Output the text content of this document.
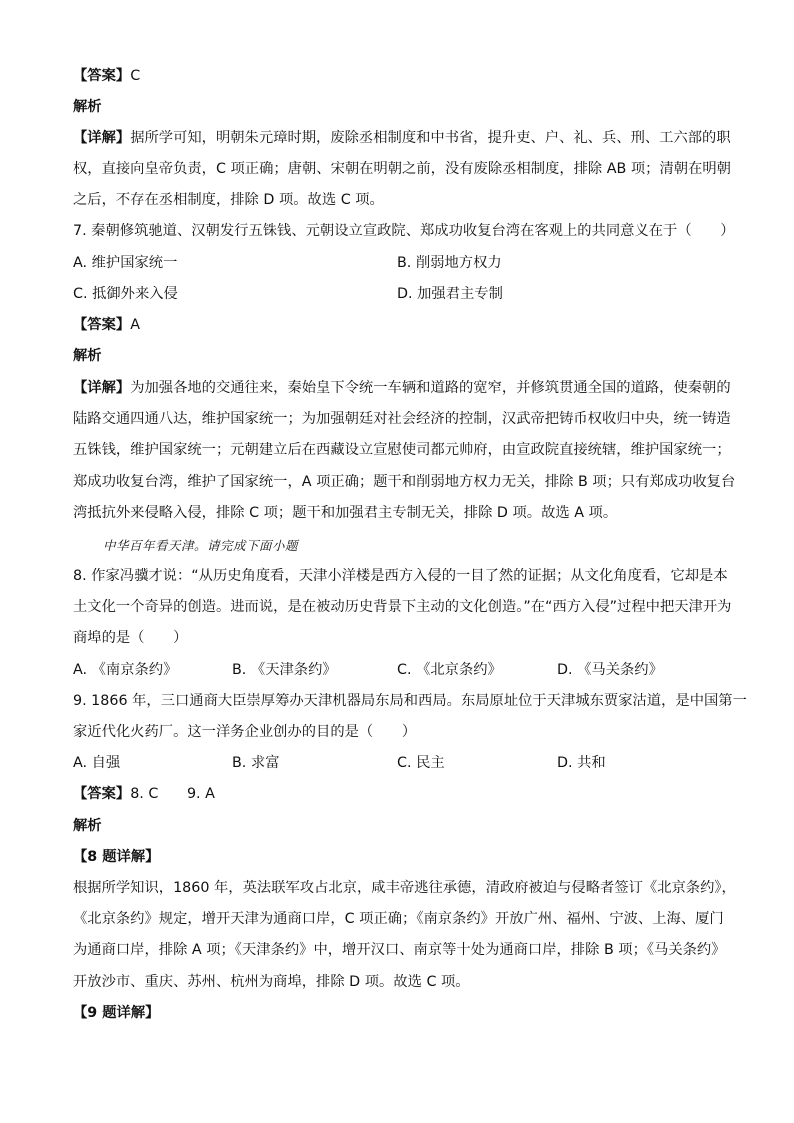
【答案】C
解析
【详解】据所学可知，明朝朱元璋时期，废除丞相制度和中书省，提升吏、户、礼、兵、刑、工六部的职
权，直接向皇帝负责，C 项正确；唐朝、宋朝在明朝之前，没有废除丞相制度，排除 AB 项；清朝在明朝
之后，不存在丞相制度，排除 D 项。故选 C 项。
7. 秦朝修筑驰道、汉朝发行五铢钱、元朝设立宣政院、郑成功收复台湾在客观上的共同意义在于（　　）
A. 维护国家统一	B. 削弱地方权力
C. 抵御外来入侵	D. 加强君主专制
【答案】A
解析
【详解】为加强各地的交通往来，秦始皇下令统一车辆和道路的宽窄，并修筑贯通全国的道路，使秦朝的
陆路交通四通八达，维护国家统一；为加强朝廷对社会经济的控制，汉武帝把铸币权收归中央，统一铸造
五铢钱，维护国家统一；元朝建立后在西藏设立宣慰使司都元帅府，由宣政院直接统辖，维护国家统一；
郑成功收复台湾，维护了国家统一，A 项正确；题干和削弱地方权力无关，排除 B 项；只有郑成功收复台
湾抵抗外来侵略入侵，排除 C 项；题干和加强君主专制无关，排除 D 项。故选 A 项。
中华百年看天津。请完成下面小题
8. 作家冯骥才说：“从历史角度看，天津小洋楼是西方入侵的一目了然的证据；从文化角度看，它却是本
土文化一个奇异的创造。进而说，是在被动历史背景下主动的文化创造。”在“西方入侵”过程中把天津开为
商埠的是（　　）
A. 《南京条约》	B. 《天津条约》	C. 《北京条约》	D. 《马关条约》
9. 1866 年，三口通商大臣崇厚筹办天津机器局东局和西局。东局原址位于天津城东贾家沽道，是中国第一
家近代化火药厂。这一洋务企业创办的目的是（　　）
A. 自强	B. 求富	C. 民主	D. 共和
【答案】8. C　　9. A
解析
【8 题详解】
根据所学知识，1860 年，英法联军攻占北京，咸丰帝逃往承德，清政府被迫与侵略者签订《北京条约》，
《北京条约》规定，增开天津为通商口岸，C 项正确；《南京条约》开放广州、福州、宁波、上海、厦门
为通商口岸，排除 A 项；《天津条约》中，增开汉口、南京等十处为通商口岸，排除 B 项；《马关条约》
开放沙市、重庆、苏州、杭州为商埠，排除 D 项。故选 C 项。
【9 题详解】
